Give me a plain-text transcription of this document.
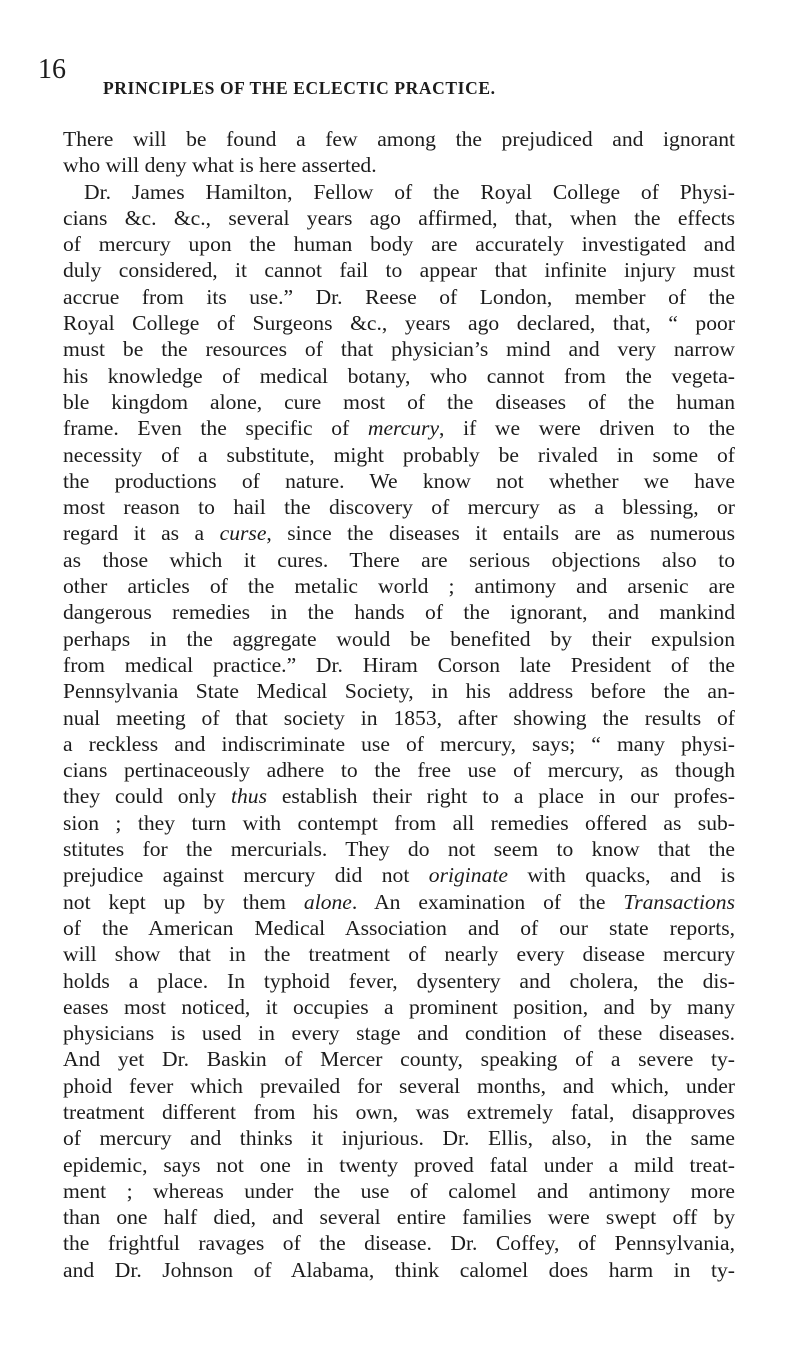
16
PRINCIPLES OF THE ECLECTIC PRACTICE.
There will be found a few among the prejudiced and ignorant
who will deny what is here asserted.
Dr. James Hamilton, Fellow of the Royal College of Physi-
cians &c. &c., several years ago affirmed, that, when the effects
of mercury upon the human body are accurately investigated and
duly considered, it cannot fail to appear that infinite injury must
accrue from its use.” Dr. Reese of London, member of the
Royal College of Surgeons &c., years ago declared, that, “ poor
must be the resources of that physician’s mind and very narrow
his knowledge of medical botany, who cannot from the vegeta-
ble kingdom alone, cure most of the diseases of the human
frame. Even the specific of mercury, if we were driven to the
necessity of a substitute, might probably be rivaled in some of
the productions of nature. We know not whether we have
most reason to hail the discovery of mercury as a blessing, or
regard it as a curse, since the diseases it entails are as numerous
as those which it cures. There are serious objections also to
other articles of the metalic world ; antimony and arsenic are
dangerous remedies in the hands of the ignorant, and mankind
perhaps in the aggregate would be benefited by their expulsion
from medical practice.” Dr. Hiram Corson late President of the
Pennsylvania State Medical Society, in his address before the an-
nual meeting of that society in 1853, after showing the results of
a reckless and indiscriminate use of mercury, says; “ many physi-
cians pertinaceously adhere to the free use of mercury, as though
they could only thus establish their right to a place in our profes-
sion ; they turn with contempt from all remedies offered as sub-
stitutes for the mercurials. They do not seem to know that the
prejudice against mercury did not originate with quacks, and is
not kept up by them alone. An examination of the Transactions
of the American Medical Association and of our state reports,
will show that in the treatment of nearly every disease mercury
holds a place. In typhoid fever, dysentery and cholera, the dis-
eases most noticed, it occupies a prominent position, and by many
physicians is used in every stage and condition of these diseases.
And yet Dr. Baskin of Mercer county, speaking of a severe ty-
phoid fever which prevailed for several months, and which, under
treatment different from his own, was extremely fatal, disapproves
of mercury and thinks it injurious. Dr. Ellis, also, in the same
epidemic, says not one in twenty proved fatal under a mild treat-
ment ; whereas under the use of calomel and antimony more
than one half died, and several entire families were swept off by
the frightful ravages of the disease. Dr. Coffey, of Pennsylvania,
and Dr. Johnson of Alabama, think calomel does harm in ty-
